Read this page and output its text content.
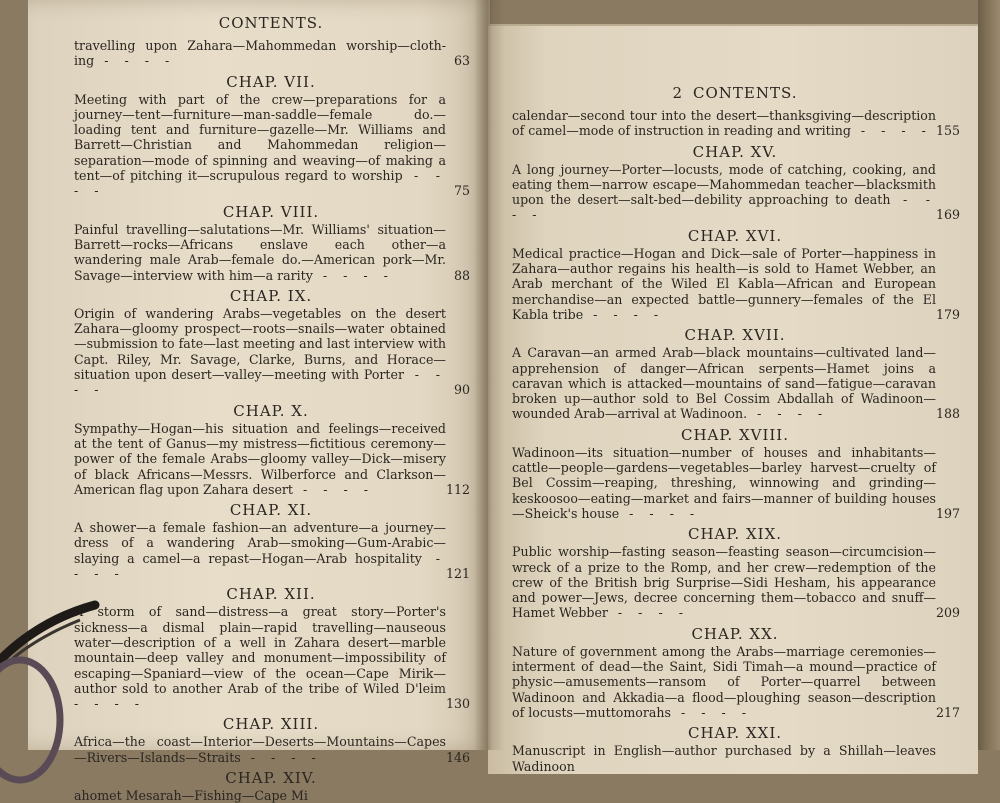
CONTENTS.
travelling upon Zahara—Mahommedan worship—cloth-ing - - - -	63
CHAP. VII.
Meeting with part of the crew—preparations for a journey—tent—furniture—man-saddle—female do.—loading tent and furniture—gazelle—Mr. Williams and Barrett—Christian and Mahommedan religion—separation—mode of spinning and weaving—of making a tent—of pitching it—scrupulous regard to worship - - - -	75
CHAP. VIII.
Painful travelling—salutations—Mr. Williams' situation—Barrett—rocks—Africans enslave each other—a wandering male Arab—female do.—American pork—Mr. Savage—interview with him—a rarity - - - -	88
CHAP. IX.
Origin of wandering Arabs—vegetables on the desert Zahara—gloomy prospect—roots—snails—water obtained—submission to fate—last meeting and last interview with Capt. Riley, Mr. Savage, Clarke, Burns, and Horace—situation upon desert—valley—meeting with Porter - - - -	90
CHAP. X.
Sympathy—Hogan—his situation and feelings—received at the tent of Ganus—my mistress—fictitious ceremony—power of the female Arabs—gloomy valley—Dick—misery of black Africans—Messrs. Wilberforce and Clarkson—American flag upon Zahara desert - - - -	112
CHAP. XI.
A shower—a female fashion—an adventure—a journey—dress of a wandering Arab—smoking—Gum-Arabic—slaying a camel—a repast—Hogan—Arab hospitality - - - -	121
CHAP. XII.
A storm of sand—distress—a great story—Porter's sickness—a dismal plain—rapid travelling—nauseous water—description of a well in Zahara desert—marble mountain—deep valley and monument—impossibility of escaping—Spaniard—view of the ocean—Cape Mirik—author sold to another Arab of the tribe of Wiled D'leim - - - -	130
CHAP. XIII.
Africa—the coast—Interior—Deserts—Mountains—Capes—Rivers—Islands—Straits - - - -	146
CHAP. XIV.
ahomet Mesarah—Fishing—Cape Mi
2 CONTENTS.
calendar—second tour into the desert—thanksgiving—description of camel—mode of instruction in reading and writing - - - - 155
CHAP. XV.
A long journey—Porter—locusts, mode of catching, cooking, and eating them—narrow escape—Mahommedan teacher—blacksmith upon the desert—salt-bed—debility approaching to death - - - -	169
CHAP. XVI.
Medical practice—Hogan and Dick—sale of Porter—happiness in Zahara—author regains his health—is sold to Hamet Webber, an Arab merchant of the Wiled El Kabla—African and European merchandise—an expected battle—gunnery—females of the El Kabla tribe - - - -	179
CHAP. XVII.
A Caravan—an armed Arab—black mountains—cultivated land—apprehension of danger—African serpents—Hamet joins a caravan which is attacked—mountains of sand—fatigue—caravan broken up—author sold to Bel Cossim Abdallah of Wadinoon—wounded Arab—arrival at Wadinoon. - - - -	188
CHAP. XVIII.
Wadinoon—its situation—number of houses and inhabitants—cattle—people—gardens—vegetables—barley harvest—cruelty of Bel Cossim—reaping, threshing, winnowing and grinding—keskoosoo—eating—market and fairs—manner of building houses—Sheick's house - - - -	197
CHAP. XIX.
Public worship—fasting season—feasting season—circumcision—wreck of a prize to the Romp, and her crew—redemption of the crew of the British brig Surprise—Sidi Hesham, his appearance and power—Jews, decree concerning them—tobacco and snuff—Hamet Webber - - - -	209
CHAP. XX.
Nature of government among the Arabs—marriage ceremonies—interment of dead—the Saint, Sidi Timah—a mound—practice of physic—amusements—ransom of Porter—quarrel between Wadinoon and Akkadia—a flood—ploughing season—description of locusts—muttomorahs - - - -	217
CHAP. XXI.
Manuscript in English—author purchased by a Shillah—leaves Wadinoon
